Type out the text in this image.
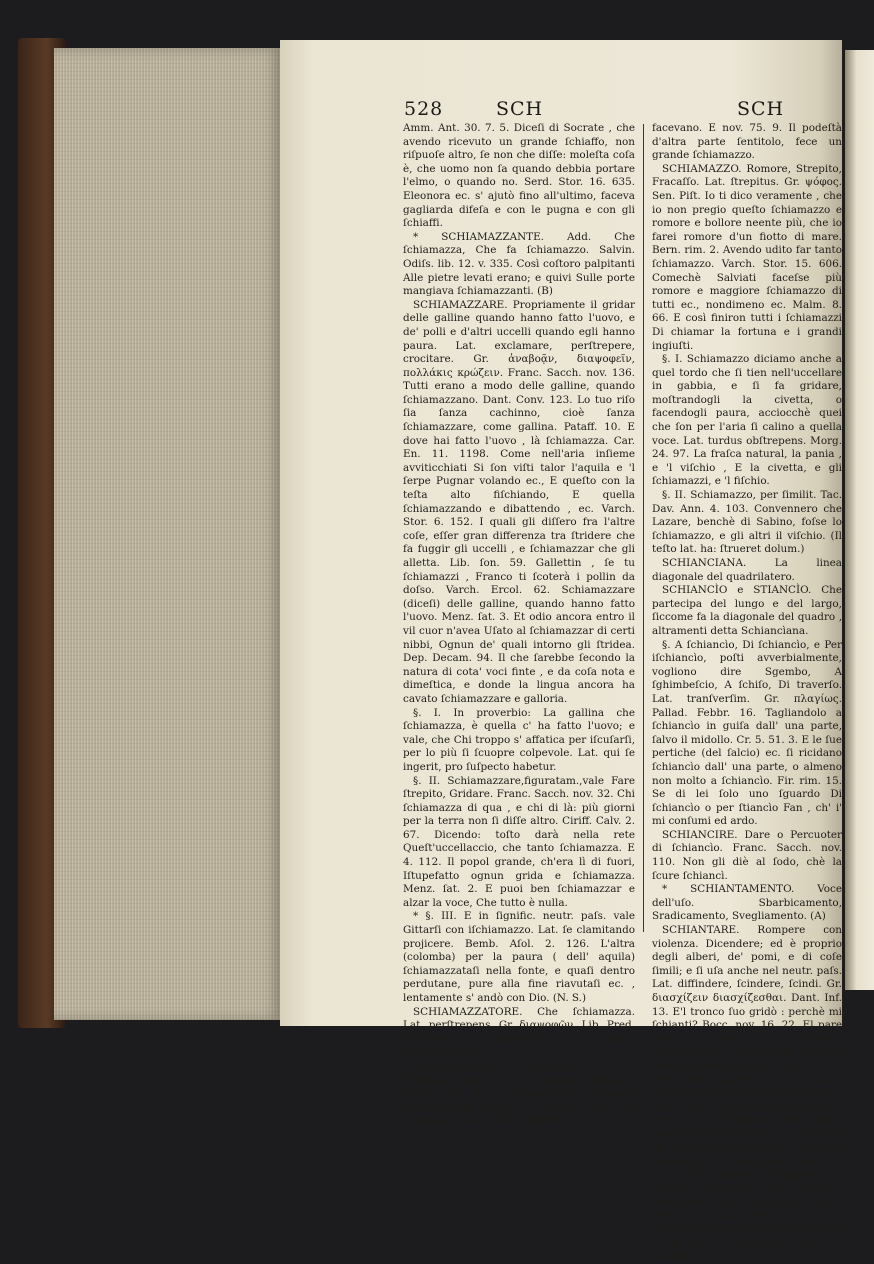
528	SCH	SCH

Amm. Ant. 30. 7. 5. Diceſi di Socrate , che avendo ricevuto un grande ſchiaffo, non riſpuoſe altro, ſe non che diſſe: moleſta coſa è, che uomo non ſa quando debbia portare l'elmo, o quando no. Serd. Stor. 16. 635. Eleonora ec. s' ajutò fino all'ultimo, faceva gagliarda difeſa e con le pugna e con gli ſchiaffi.

* SCHIAMAZZANTE. Add. Che ſchiamazza, Che fa ſchiamazzo. Salvin. Odiſs. lib. 12. v. 335. Così coſtoro palpitanti Alle pietre levati erano; e quivi Sulle porte mangiava ſchiamazzanti. (B)

SCHIAMAZZARE. Propriamente il gridar delle galline quando hanno fatto l'uovo, e de' polli e d'altri uccelli quando egli hanno paura. Lat. exclamare, perſtrepere, crocitare. Gr. ἀναβοᾷν, διαψοφεῖν, πολλάκις κρώζειν. Franc. Sacch. nov. 136. Tutti erano a modo delle galline, quando ſchiamazzano. Dant. Conv. 123. Lo tuo riſo ſia ſanza cachinno, cioè ſanza ſchiamazzare, come gallina. Pataff. 10. E dove hai fatto l'uovo , là ſchiamazza. Car. En. 11. 1198. Come nell'aria inſieme avviticchiati Si ſon viſti talor l'aquila e 'l ſerpe Pugnar volando ec., E queſto con la teſta alto fiſchiando, E quella ſchiamazzando e dibattendo , ec. Varch. Stor. 6. 152. I quali gli diſſero fra l'altre coſe, eſſer gran differenza tra ſtridere che fa fuggir gli uccelli , e ſchiamazzar che gli alletta. Lib. ſon. 59. Gallettin , ſe tu ſchiamazzi , Franco ti ſcoterà i pollin da doſso. Varch. Ercol. 62. Schiamazzare (diceſi) delle galline, quando hanno fatto l'uovo. Menz. ſat. 3. Et odio ancora entro il vil cuor n'avea Uſato al ſchiamazzar di certi nibbi, Ognun de' quali intorno gli ſtridea. Dep. Decam. 94. Il che ſarebbe ſecondo la natura di cota' voci finte , e da coſa nota e dimeſtica, e donde la lingua ancora ha cavato ſchiamazzare e galloria.

§. I. In proverbio: La gallina che ſchiamazza, è quella c' ha fatto l'uovo; e vale, che Chi troppo s' affatica per iſcuſarſi, per lo più ſi ſcuopre colpevole. Lat. qui ſe ingerit, pro ſuſpecto habetur.

§. II. Schiamazzare,figuratam.,vale Fare ſtrepito, Gridare. Franc. Sacch. nov. 32. Chi ſchiamazza di qua , e chi di là: più giorni per la terra non ſi diſſe altro. Ciriff. Calv. 2. 67. Dicendo: toſto darà nella rete Queſt'uccellaccio, che tanto ſchiamazza. E 4. 112. Il popol grande, ch'era lì di fuori, Iſtupefatto ognun grida e ſchiamazza. Menz. ſat. 2. E puoi ben ſchiamazzar e alzar la voce, Che tutto è nulla.

* §. III. E in ſignific. neutr. paſs. vale Gittarſi con iſchiamazzo. Lat. ſe clamitando projicere. Bemb. Aſol. 2. 126. L'altra (colomba) per la paura ( dell' aquila) ſchiamazzataſi nella fonte, e quaſi dentro perdutane, pure alla fine riavutaſi ec. , lentamente s' andò con Dio. (N. S.)

SCHIAMAZZATORE. Che ſchiamazza. Lat. perſtrepens. Gr. διαψοφῶν. Lib. Pred. Procurava di rappacificare il popolo ſchiamazzatore.

SCHIAMAZZÌO. Schiamazzo. Lat. ſtrepitus, tumultus. Gr. ψόφος, θόρυβος. Bocc. nov. 4. 4. Pianamente paſsando davanti alla cella di coſtui, ſentì lo ſchiamazzo che coſtoro inſieme

facevano. E nov. 75. 9. Il podeſtà d'altra parte ſentitolo, fece un grande ſchiamazzo.

SCHIAMAZZO. Romore, Strepito, Fracaſſo. Lat. ſtrepitus. Gr. ψόφος. Sen. Piſt. Io ti dico veramente , che io non pregio queſto ſchiamazzo e romore e bollore neente più, che io farei romore d'un fiotto di mare. Bern. rim. 2. Avendo udito far tanto ſchiamazzo. Varch. Stor. 15. 606. Comechè Salviati faceſse più romore e maggiore ſchiamazzo di tutti ec., nondimeno ec. Malm. 8. 66. E così finiron tutti i ſchiamazzi Di chiamar la fortuna e i grandi ingiuſti.

§. I. Schiamazzo diciamo anche a quel tordo che ſi tien nell'uccellare in gabbia, e ſi fa gridare, moſtrandogli la civetta, o facendogli paura, acciocchè quei che ſon per l'aria ſi calino a quella voce. Lat. turdus obſtrepens. Morg. 24. 97. La fraſca natural, la pania , e 'l viſchio , E la civetta, e gli ſchiamazzi, e 'l fiſchio.

§. II. Schiamazzo, per ſimilit. Tac. Dav. Ann. 4. 103. Convennero che Lazare, benchè di Sabino, foſse lo ſchiamazzo, e gli altri il viſchio. (Il teſto lat. ha: ſtrueret dolum.)

SCHIANCIANA. La linea diagonale del quadrilatero.

SCHIANCÌO e STIANCÌO. Che partecipa del lungo e del largo, ſiccome fa la diagonale del quadro , altramenti detta Schiancìana.

§. A ſchiancìo, Di ſchiancìo, e Per iſchiancìo, poſti avverbialmente, vogliono dire Sgembo, A ſghimbeſcio, A ſchiſo, Di traverſo. Lat. tranſverſim. Gr. πλαγίως. Pallad. Febbr. 16. Tagliandolo a ſchiancìo in guiſa dall' una parte, ſalvo il midollo. Cr. 5. 51. 3. E le ſue pertiche (del ſalcio) ec. ſi ricidano ſchiancìo dall' una parte, o almeno non molto a ſchiancìo. Fir. rim. 15. Se di lei ſolo uno ſguardo Di ſchiancìo o per ſtiancìo Fan , ch' i' mi conſumi ed ardo.

SCHIANCIRE. Dare o Percuoter di ſchiancìo. Franc. Sacch. nov. 110. Non gli diè al ſodo, chè la ſcure ſchiancì.

* SCHIANTAMENTO. Voce dell'uſo. Sbarbicamento, Sradicamento, Svegliamento. (A)

SCHIANTARE. Rompere con violenza. Dicendere; ed è proprio degli alberi, de' pomi, e di coſe ſimili; e ſi uſa anche nel neutr. paſs. Lat. diffindere, ſcindere, ſcindi. Gr. διασχίζειν διασχίζεσθαι. Dant. Inf. 13. E'l tronco ſuo gridò : perchè mi ſchianti? Bocc. nov. 16. 22. El pare che 'l cuore mi ſi ſchianti, ricordandomi di ciò che gli mio padre mi fece a fare. E nov. 77. 54. Parve nel muovere tutta la cotta pelle le s' apriſse ed iſchiantaſse. Sen. Piſt. Forza di continua toſsa, che la fa ſchiantare parte delle budella. Pallad. Febbr. 11. Perocchè (la cera) umilia la pece, e non la ſchianta poi al tempo del freddo.

§. I. Per Cogliere o Pigliare con violenza, Strappare. Lat. carpere, decerpere. Gr. ἀπολέγειν. Dant. Purg. 20. Siccome frutto rado ſe ne ſchianta. E 28. E frutto ha in ſè, che di là non ſi ſchianta. But. Inf. Schianta
